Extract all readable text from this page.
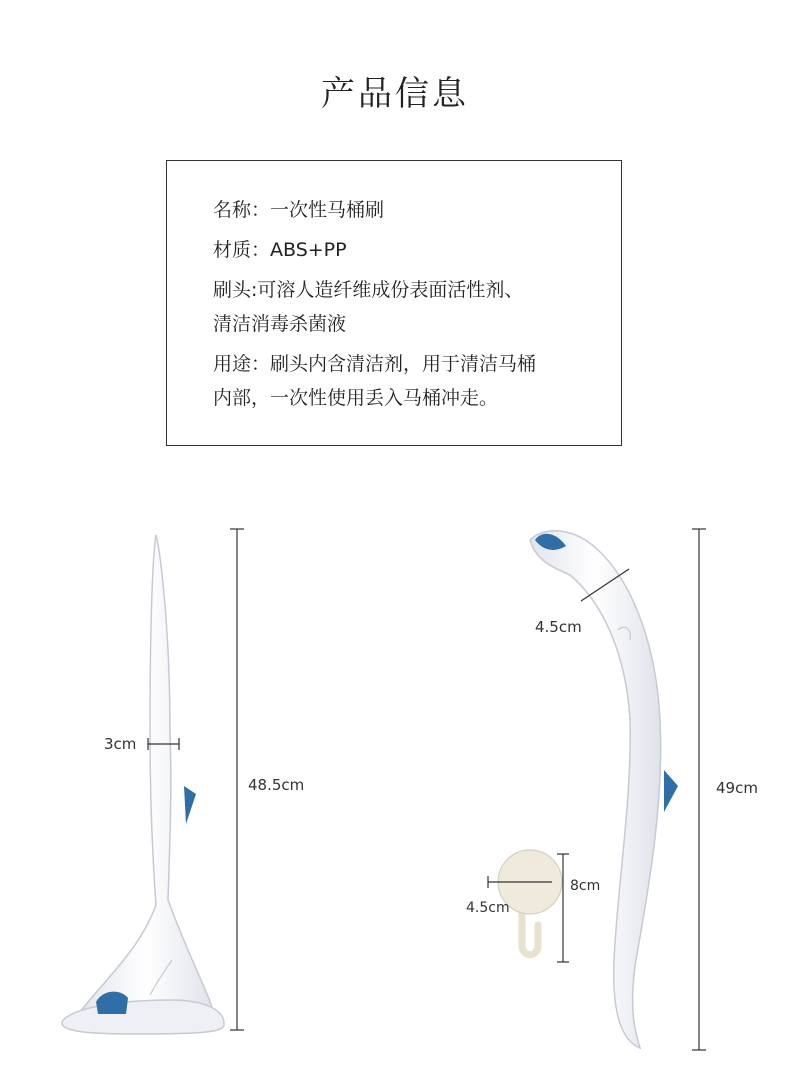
产品信息
名称：一次性马桶刷
材质：ABS+PP
刷头:可溶人造纤维成份表面活性剂、
清洁消毒杀菌液
用途：刷头内含清洁剂，用于清洁马桶
内部，一次性使用丢入马桶冲走。
3cm
48.5cm
4.5cm
49cm
8cm
4.5cm
